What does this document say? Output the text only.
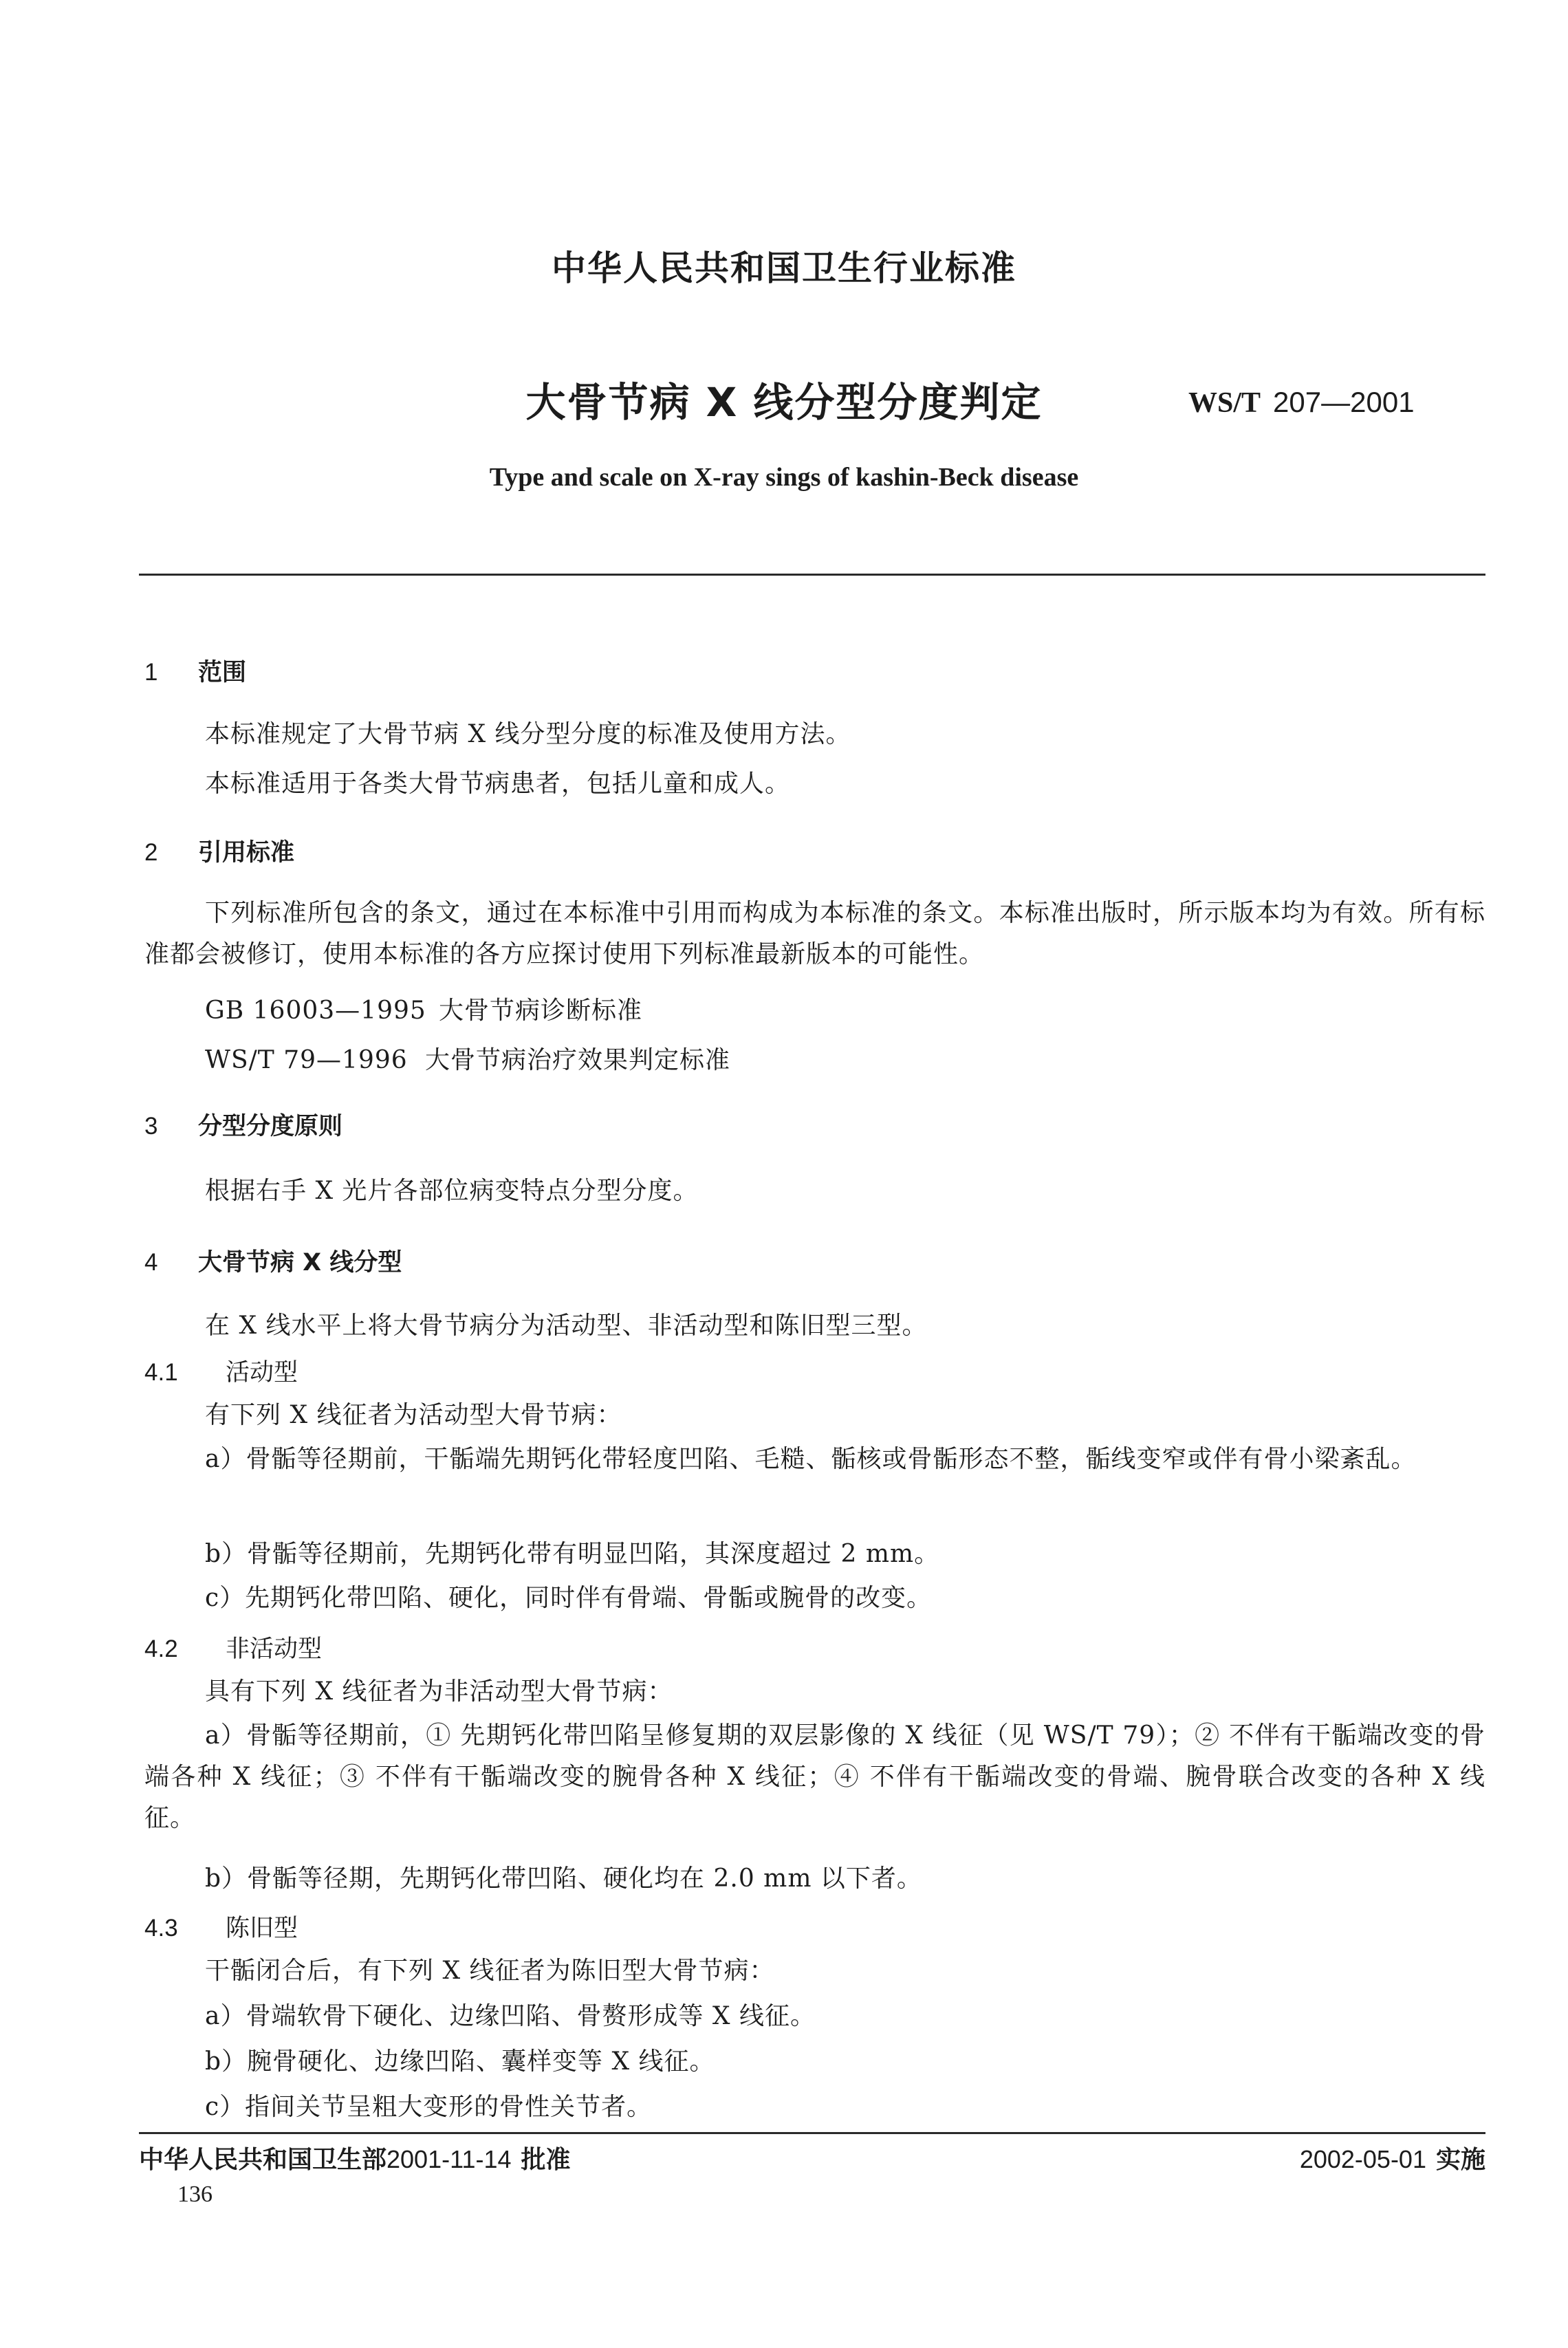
中华人民共和国卫生行业标准
大骨节病 X 线分型分度判定	WS/T 207—2001
Type and scale on X-ray sings of kashin-Beck disease
1 范围
本标准规定了大骨节病 X 线分型分度的标准及使用方法。
本标准适用于各类大骨节病患者，包括儿童和成人。
2 引用标准
下列标准所包含的条文，通过在本标准中引用而构成为本标准的条文。本标准出版时，所示版本均为有效。所有标准都会被修订，使用本标准的各方应探讨使用下列标准最新版本的可能性。
GB 16003—1995 大骨节病诊断标准
WS/T 79—1996 大骨节病治疗效果判定标准
3 分型分度原则
根据右手 X 光片各部位病变特点分型分度。
4 大骨节病 X 线分型
在 X 线水平上将大骨节病分为活动型、非活动型和陈旧型三型。
4.1 活动型
有下列 X 线征者为活动型大骨节病：
a）骨骺等径期前，干骺端先期钙化带轻度凹陷、毛糙、骺核或骨骺形态不整，骺线变窄或伴有骨小梁紊乱。
b）骨骺等径期前，先期钙化带有明显凹陷，其深度超过 2 mm。
c）先期钙化带凹陷、硬化，同时伴有骨端、骨骺或腕骨的改变。
4.2 非活动型
具有下列 X 线征者为非活动型大骨节病：
a）骨骺等径期前，① 先期钙化带凹陷呈修复期的双层影像的 X 线征（见 WS/T 79）；② 不伴有干骺端改变的骨端各种 X 线征；③ 不伴有干骺端改变的腕骨各种 X 线征；④ 不伴有干骺端改变的骨端、腕骨联合改变的各种 X 线征。
b）骨骺等径期，先期钙化带凹陷、硬化均在 2.0 mm 以下者。
4.3 陈旧型
干骺闭合后，有下列 X 线征者为陈旧型大骨节病：
a）骨端软骨下硬化、边缘凹陷、骨赘形成等 X 线征。
b）腕骨硬化、边缘凹陷、囊样变等 X 线征。
c）指间关节呈粗大变形的骨性关节者。
中华人民共和国卫生部2001-11-14 批准	2002-05-01 实施
136
